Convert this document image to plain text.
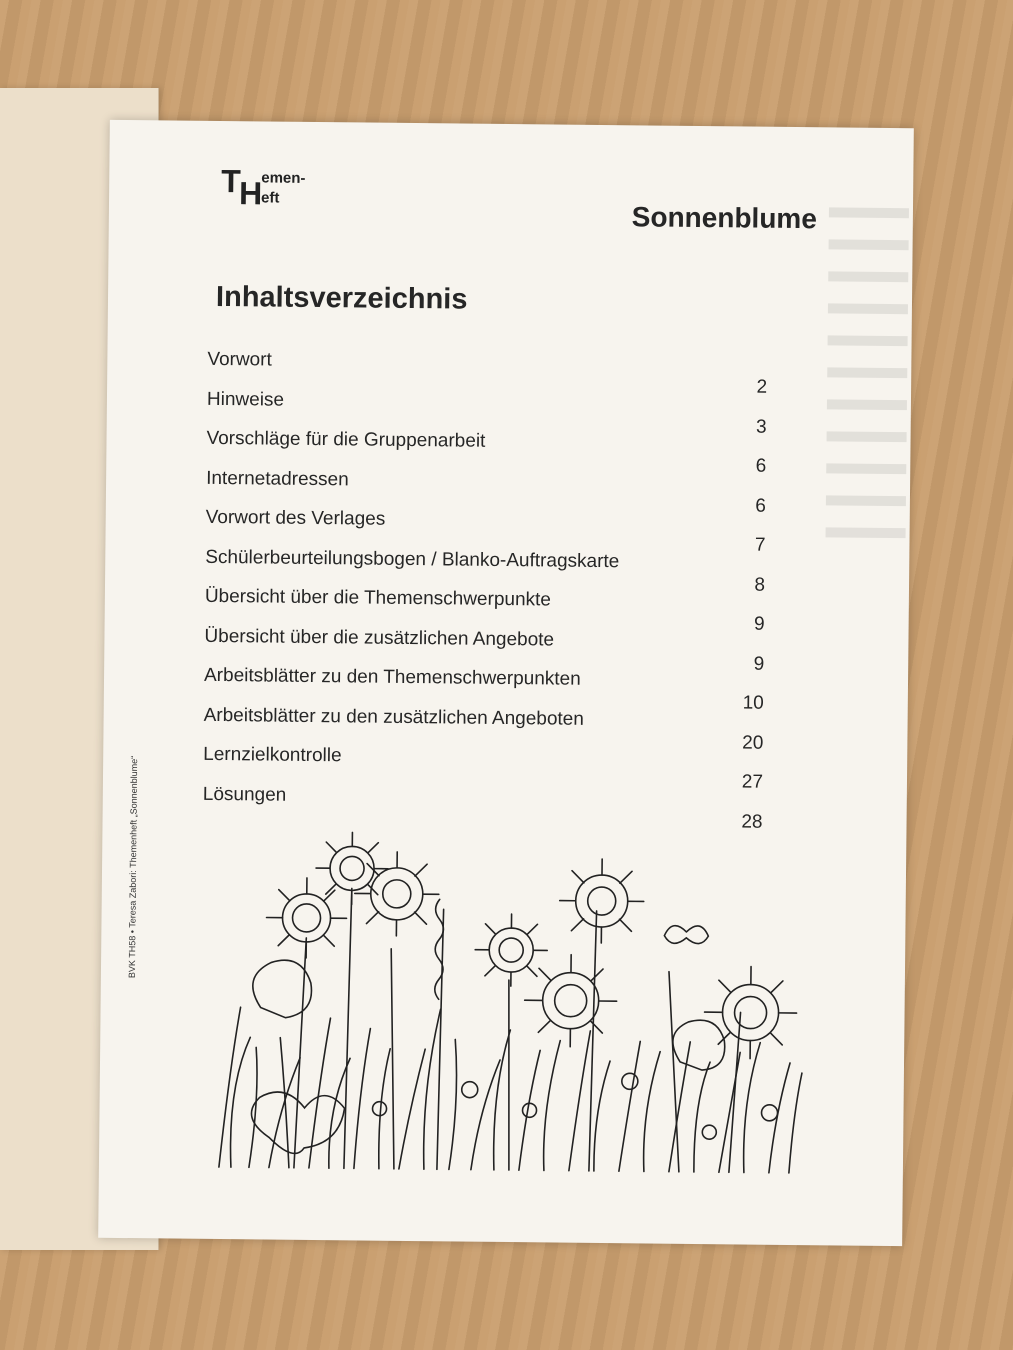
T H emen-
eft
Sonnenblume
Inhaltsverzeichnis
Vorwort
2
Hinweise
3
Vorschläge für die Gruppenarbeit
6
Internetadressen
6
Vorwort des Verlages
7
Schülerbeurteilungsbogen / Blanko-Auftragskarte
8
Übersicht über die Themenschwerpunkte
9
Übersicht über die zusätzlichen Angebote
9
Arbeitsblätter zu den Themenschwerpunkten
10
Arbeitsblätter zu den zusätzlichen Angeboten
20
Lernzielkontrolle
27
Lösungen
28
BVK TH58 • Teresa Zabori: Themenheft „Sonnenblume“
